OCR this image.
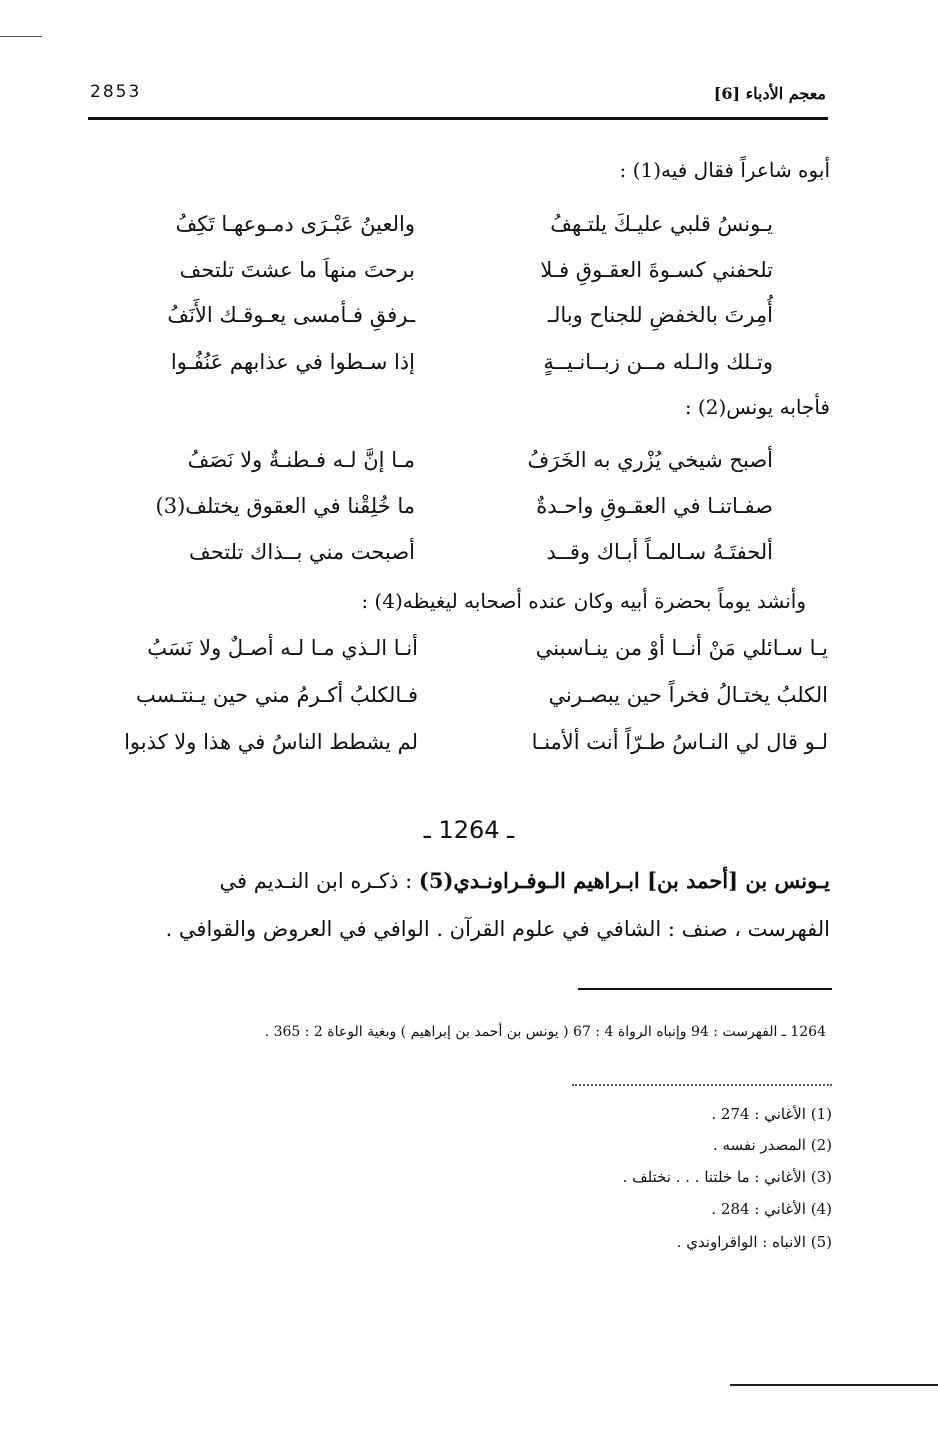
2853	معجم الأدباء [6]
أبوه شاعراً فقال فيه(1) :
يـونسُ قلبي عليـكَ يلتـهفُ
والعينُ عَبْـرَى دمـوعهـا تَكِفُ
تلحفني كسـوةَ العقـوقِ فـلا
برحتَ منهاَ ما عشتَ تلتحف
أُمِرتَ بالخفضِ للجناح وبالـ
ـرفقِ فـأمسى يعـوقـك الأَنَفُ
وتـلك والـله مــن زبــانـيــةٍ
إذا سـطوا في عذابهم عَنُفُـوا
فأجابه يونس(2) :
أصبح شيخي يُزْري به الخَرَفُ
مـا إنَّ لـه فـطنـةٌ ولا نَصَفُ
صفـاتنـا في العقـوقِ واحـدةٌ
ما خُلِقْنا في العقوق يختلف(3)
ألحفتَـهُ سـالمـاً أبـاك وقــد
أصبحت مني بــذاك تلتحف
وأنشد يوماً بحضرة أبيه وكان عنده أصحابه ليغيظه(4) :
يـا سـائلي مَنْ أنــا أوْ من ينـاسبني
أنـا الـذي مـا لـه أصـلٌ ولا نَسَبُ
الكلبُ يختـالُ فخراً حين يبصـرني
فـالكلبُ أكـرمُ مني حين يـنتـسب
لـو قال لي النـاسُ طـرّاً أنت ألأمنـا
لم يشطط الناسُ في هذا ولا كذبوا
ـ 1264 ـ
يـونس بن [أحمد بن] ابـراهيم الـوفـراونـدي(5) : ذكـره ابن النـديم في
الفهرست ، صنف : الشافي في علوم القرآن . الوافي في العروض والقوافي .
1264 ـ الفهرست : 94 وإنباه الرواة 4 : 67 ( يونس بن أحمد بن إبراهيم ) وبغية الوعاة 2 : 365 .
(1) الأغاني : 274 .
(2) المصدر نفسه .
(3) الأغاني : ما خلتنا . . . نختلف .
(4) الأغاني : 284 .
(5) الانباه : الواقراوندي .
